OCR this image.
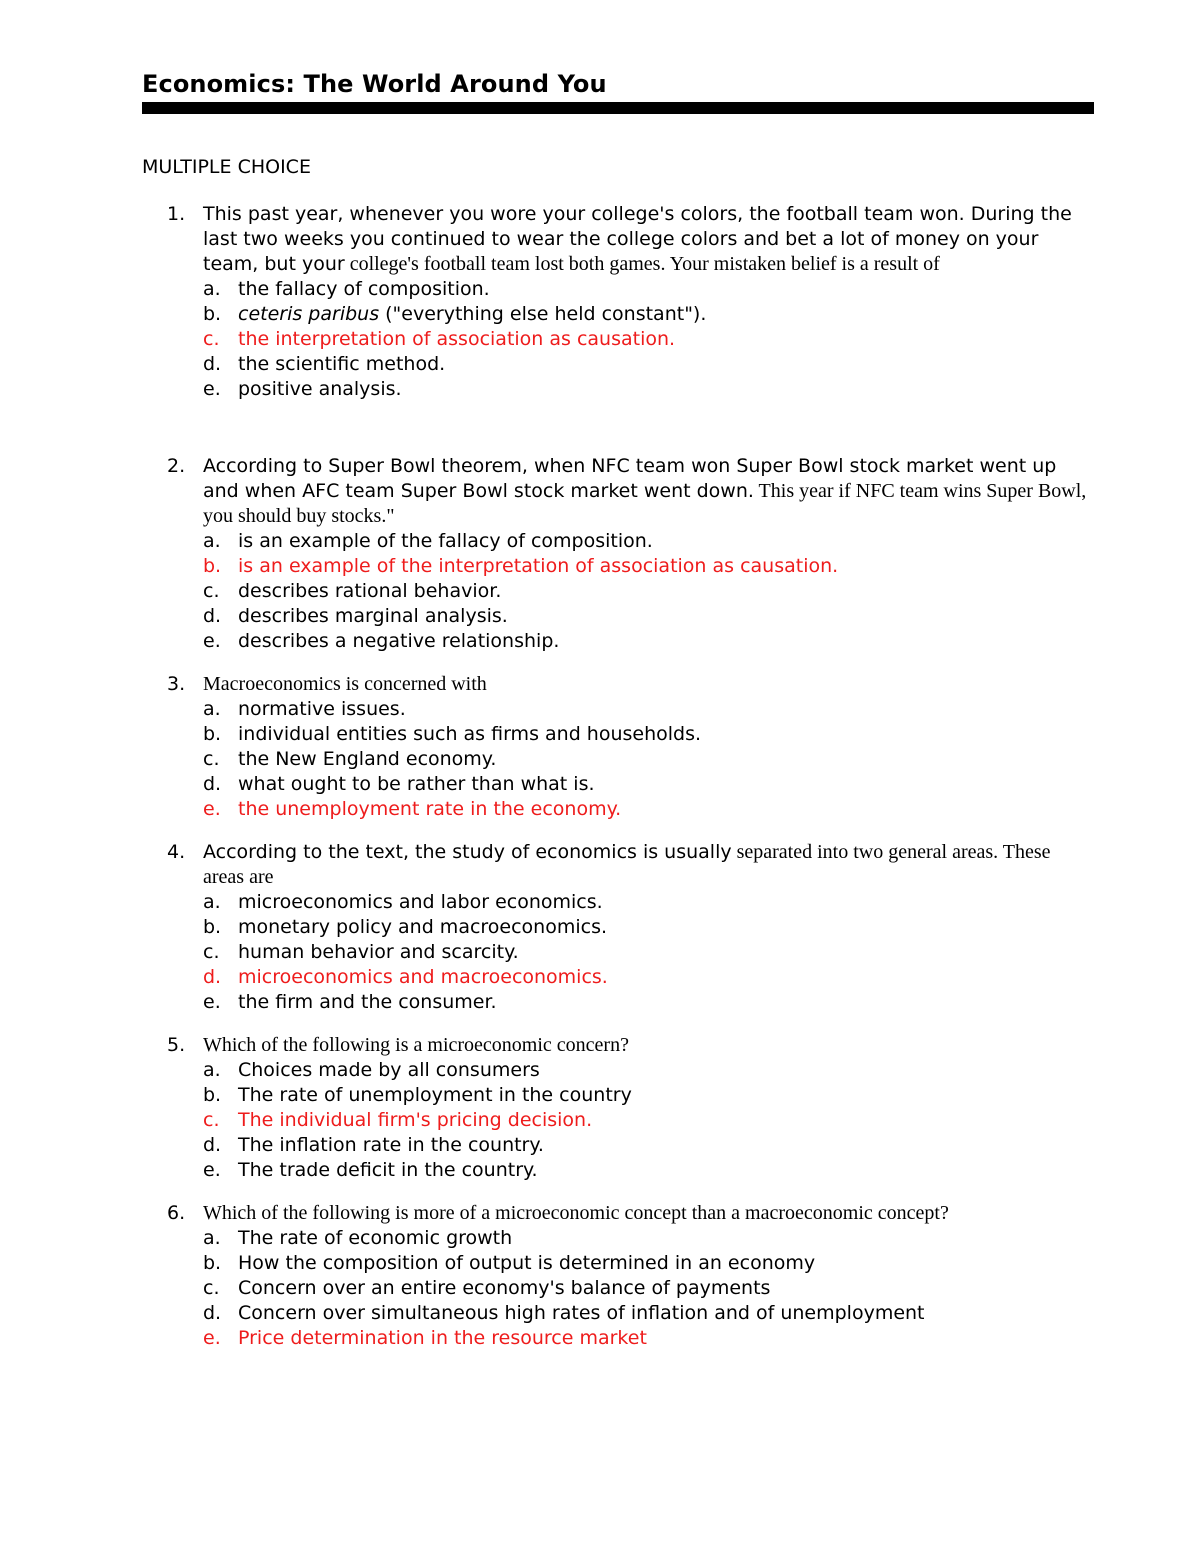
Economics: The World Around You
MULTIPLE CHOICE
1. This past year, whenever you wore your college's colors, the football team won. During the last two weeks you continued to wear the college colors and bet a lot of money on your team, but your college's football team lost both games. Your mistaken belief is a result of
a. the fallacy of composition.
b. ceteris paribus ("everything else held constant").
c. the interpretation of association as causation.
d. the scientific method.
e. positive analysis.
2. According to Super Bowl theorem, when NFC team won Super Bowl stock market went up and when AFC team Super Bowl stock market went down. This year if NFC team wins Super Bowl, you should buy stocks."
a. is an example of the fallacy of composition.
b. is an example of the interpretation of association as causation.
c. describes rational behavior.
d. describes marginal analysis.
e. describes a negative relationship.
3. Macroeconomics is concerned with
a. normative issues.
b. individual entities such as firms and households.
c. the New England economy.
d. what ought to be rather than what is.
e. the unemployment rate in the economy.
4. According to the text, the study of economics is usually separated into two general areas. These areas are
a. microeconomics and labor economics.
b. monetary policy and macroeconomics.
c. human behavior and scarcity.
d. microeconomics and macroeconomics.
e. the firm and the consumer.
5. Which of the following is a microeconomic concern?
a. Choices made by all consumers
b. The rate of unemployment in the country
c. The individual firm's pricing decision.
d. The inflation rate in the country.
e. The trade deficit in the country.
6. Which of the following is more of a microeconomic concept than a macroeconomic concept?
a. The rate of economic growth
b. How the composition of output is determined in an economy
c. Concern over an entire economy's balance of payments
d. Concern over simultaneous high rates of inflation and of unemployment
e. Price determination in the resource market
